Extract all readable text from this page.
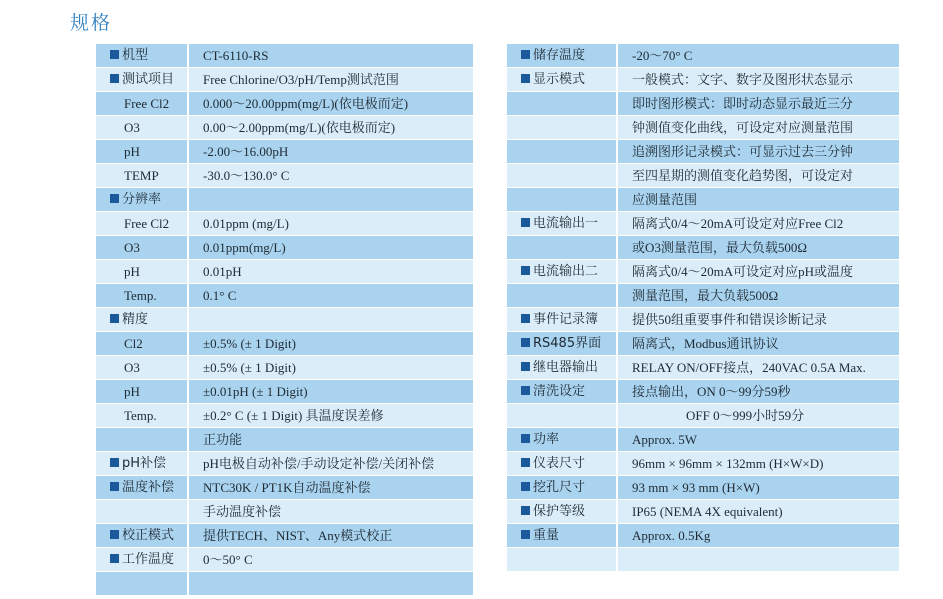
规格
机型	CT-6110-RS
测试项目	Free Chlorine/O3/pH/Temp测试范围
Free Cl2	0.000～20.00ppm(mg/L)(依电极而定)
O3	0.00～2.00ppm(mg/L)(依电极而定)
pH	-2.00～16.00pH
TEMP	-30.0～130.0° C
分辨率	
Free Cl2	0.01ppm (mg/L)
O3	0.01ppm(mg/L)
pH	0.01pH
Temp.	0.1° C
精度	
Cl2	±0.5% (± 1 Digit)
O3	±0.5% (± 1 Digit)
pH	±0.01pH (± 1 Digit)
Temp.	±0.2° C (± 1 Digit) 具温度误差修
	正功能
pH补偿	pH电极自动补偿/手动设定补偿/关闭补偿
温度补偿	NTC30K / PT1K自动温度补偿
	手动温度补偿
校正模式	提供TECH、NIST、Any模式校正
工作温度	0～50° C

储存温度	-20～70° C
显示模式	一般模式：文字、数字及图形状态显示
	即时图形模式：即时动态显示最近三分
	钟测值变化曲线，可设定对应测量范围
	追溯图形记录模式：可显示过去三分钟
	至四星期的测值变化趋势图，可设定对
	应测量范围
电流输出一	隔离式0/4～20mA可设定对应Free Cl2
	或O3测量范围，最大负载500Ω
电流输出二	隔离式0/4～20mA可设定对应pH或温度
	测量范围，最大负载500Ω
事件记录簿	提供50组重要事件和错误诊断记录
RS485界面	隔离式，Modbus通讯协议
继电器输出	RELAY ON/OFF接点，240VAC 0.5A Max.
清洗设定	接点输出，ON 0～99分59秒
	OFF 0～999小时59分
功率	Approx. 5W
仪表尺寸	96mm × 96mm × 132mm (H×W×D)
挖孔尺寸	93 mm × 93 mm (H×W)
保护等级	IP65 (NEMA 4X equivalent)
重量	Approx. 0.5Kg
